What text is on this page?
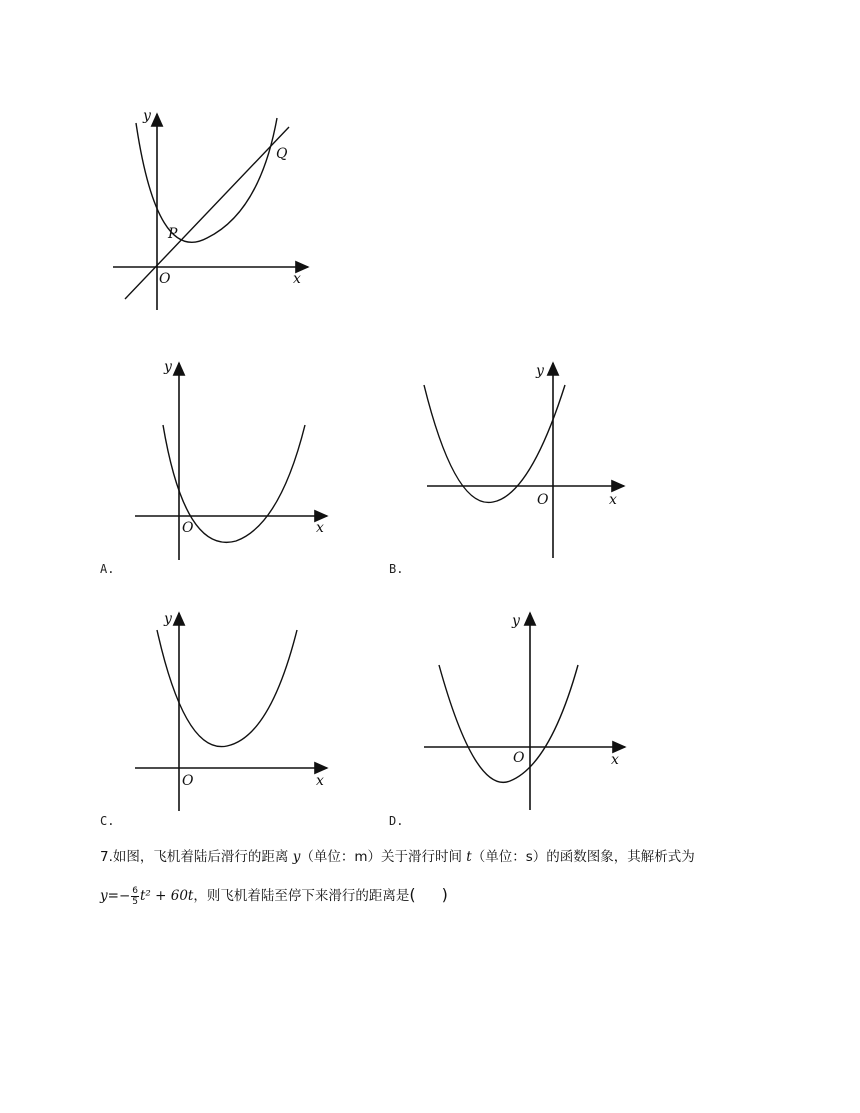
y
x
O
P
Q
y
x
O
A.
y
x
O
B.
y
x
O
C.
y
x
O
D.
7.如图，飞机着陆后滑行的距离 y（单位：m）关于滑行时间 t（单位：s）的函数图象，其解析式为
$y=- \frac{6}{5} t^2 + 60t$，则飞机着陆至停下来滑行的距离是( )
